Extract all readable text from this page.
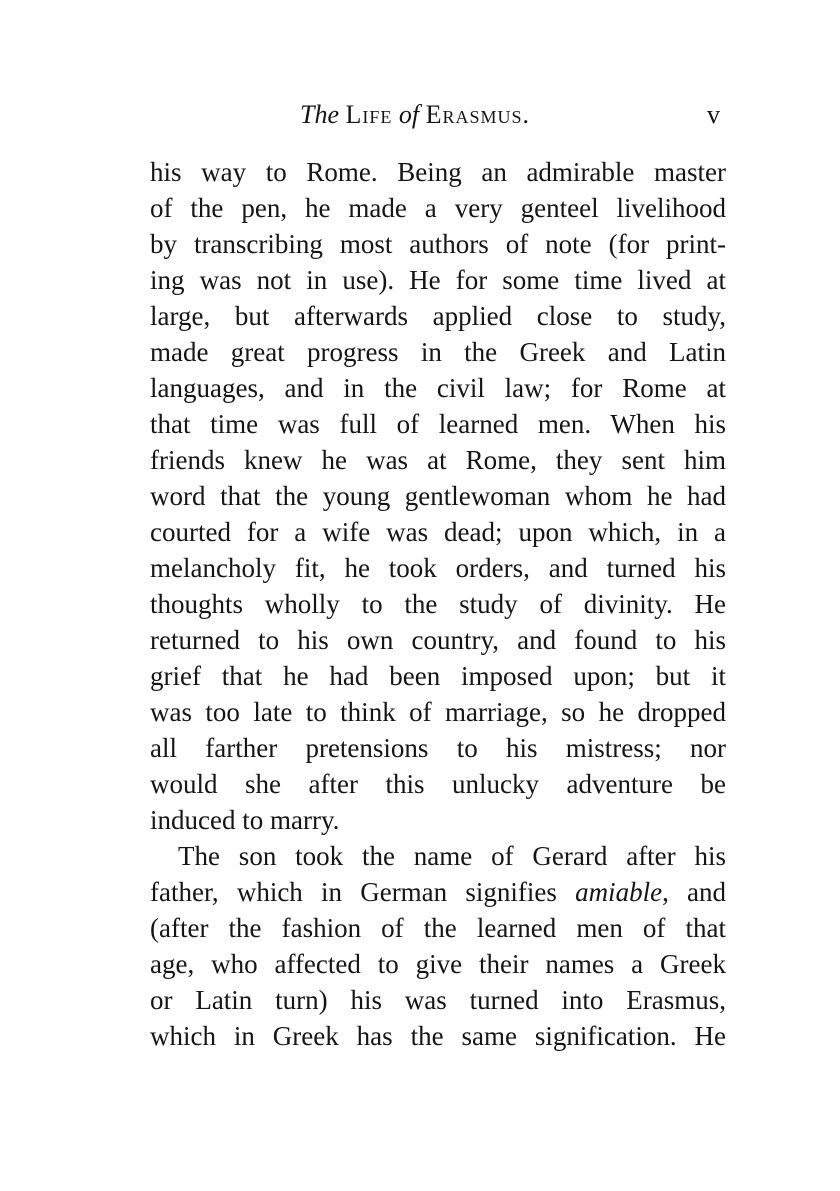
The Life of Erasmus.	v
his way to Rome. Being an admirable master
of the pen, he made a very genteel livelihood
by transcribing most authors of note (for print-
ing was not in use). He for some time lived at
large, but afterwards applied close to study,
made great progress in the Greek and Latin
languages, and in the civil law; for Rome at
that time was full of learned men. When his
friends knew he was at Rome, they sent him
word that the young gentlewoman whom he had
courted for a wife was dead; upon which, in a
melancholy fit, he took orders, and turned his
thoughts wholly to the study of divinity. He
returned to his own country, and found to his
grief that he had been imposed upon; but it
was too late to think of marriage, so he dropped
all farther pretensions to his mistress; nor
would she after this unlucky adventure be
induced to marry.
The son took the name of Gerard after his
father, which in German signifies amiable, and
(after the fashion of the learned men of that
age, who affected to give their names a Greek
or Latin turn) his was turned into Erasmus,
which in Greek has the same signification. He
